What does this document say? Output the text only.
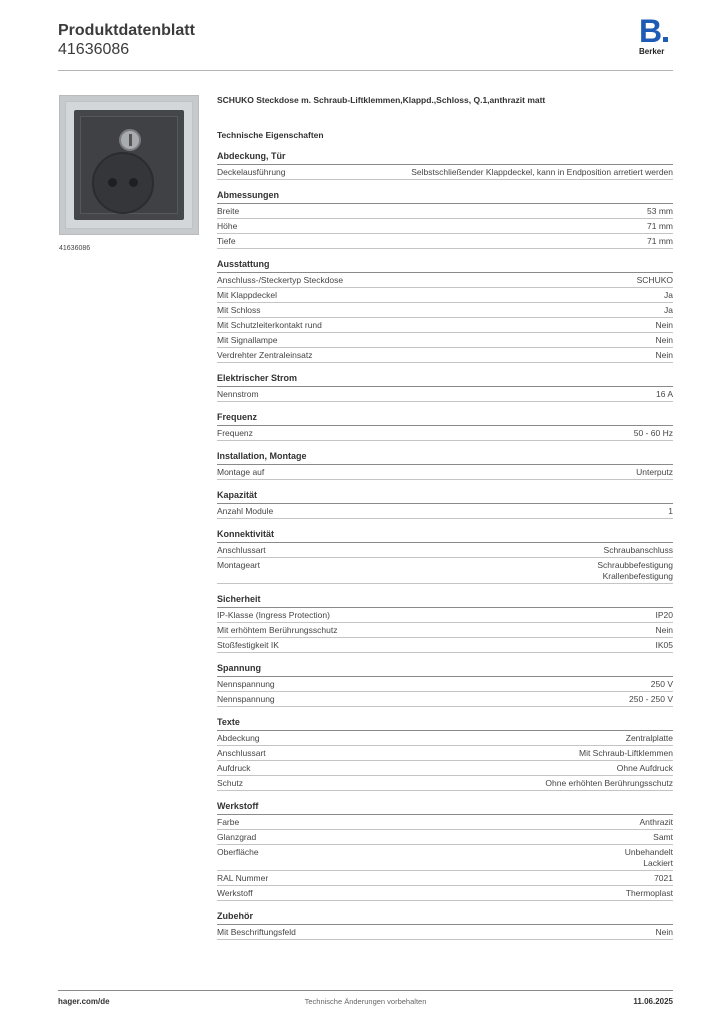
Produktdatenblatt
41636086
B
Berker
41636086
SCHUKO Steckdose m. Schraub-Liftklemmen,Klappd.,Schloss, Q.1,anthrazit matt
Technische Eigenschaften
Abdeckung, Tür
Deckelausführung	Selbstschließender Klappdeckel, kann in Endposition arretiert werden
Abmessungen
Breite	53 mm
Höhe	71 mm
Tiefe	71 mm
Ausstattung
Anschluss-/Steckertyp Steckdose	SCHUKO
Mit Klappdeckel	Ja
Mit Schloss	Ja
Mit Schutzleiterkontakt rund	Nein
Mit Signallampe	Nein
Verdrehter Zentraleinsatz	Nein
Elektrischer Strom
Nennstrom	16 A
Frequenz
Frequenz	50 - 60 Hz
Installation, Montage
Montage auf	Unterputz
Kapazität
Anzahl Module	1
Konnektivität
Anschlussart	Schraubanschluss
Montageart	Schraubbefestigung
Krallenbefestigung
Sicherheit
IP-Klasse (Ingress Protection)	IP20
Mit erhöhtem Berührungsschutz	Nein
Stoßfestigkeit IK	IK05
Spannung
Nennspannung	250 V
Nennspannung	250 - 250 V
Texte
Abdeckung	Zentralplatte
Anschlussart	Mit Schraub-Liftklemmen
Aufdruck	Ohne Aufdruck
Schutz	Ohne erhöhten Berührungsschutz
Werkstoff
Farbe	Anthrazit
Glanzgrad	Samt
Oberfläche	Unbehandelt
Lackiert
RAL Nummer	7021
Werkstoff	Thermoplast
Zubehör
Mit Beschriftungsfeld	Nein
hager.com/de	Technische Änderungen vorbehalten	11.06.2025
